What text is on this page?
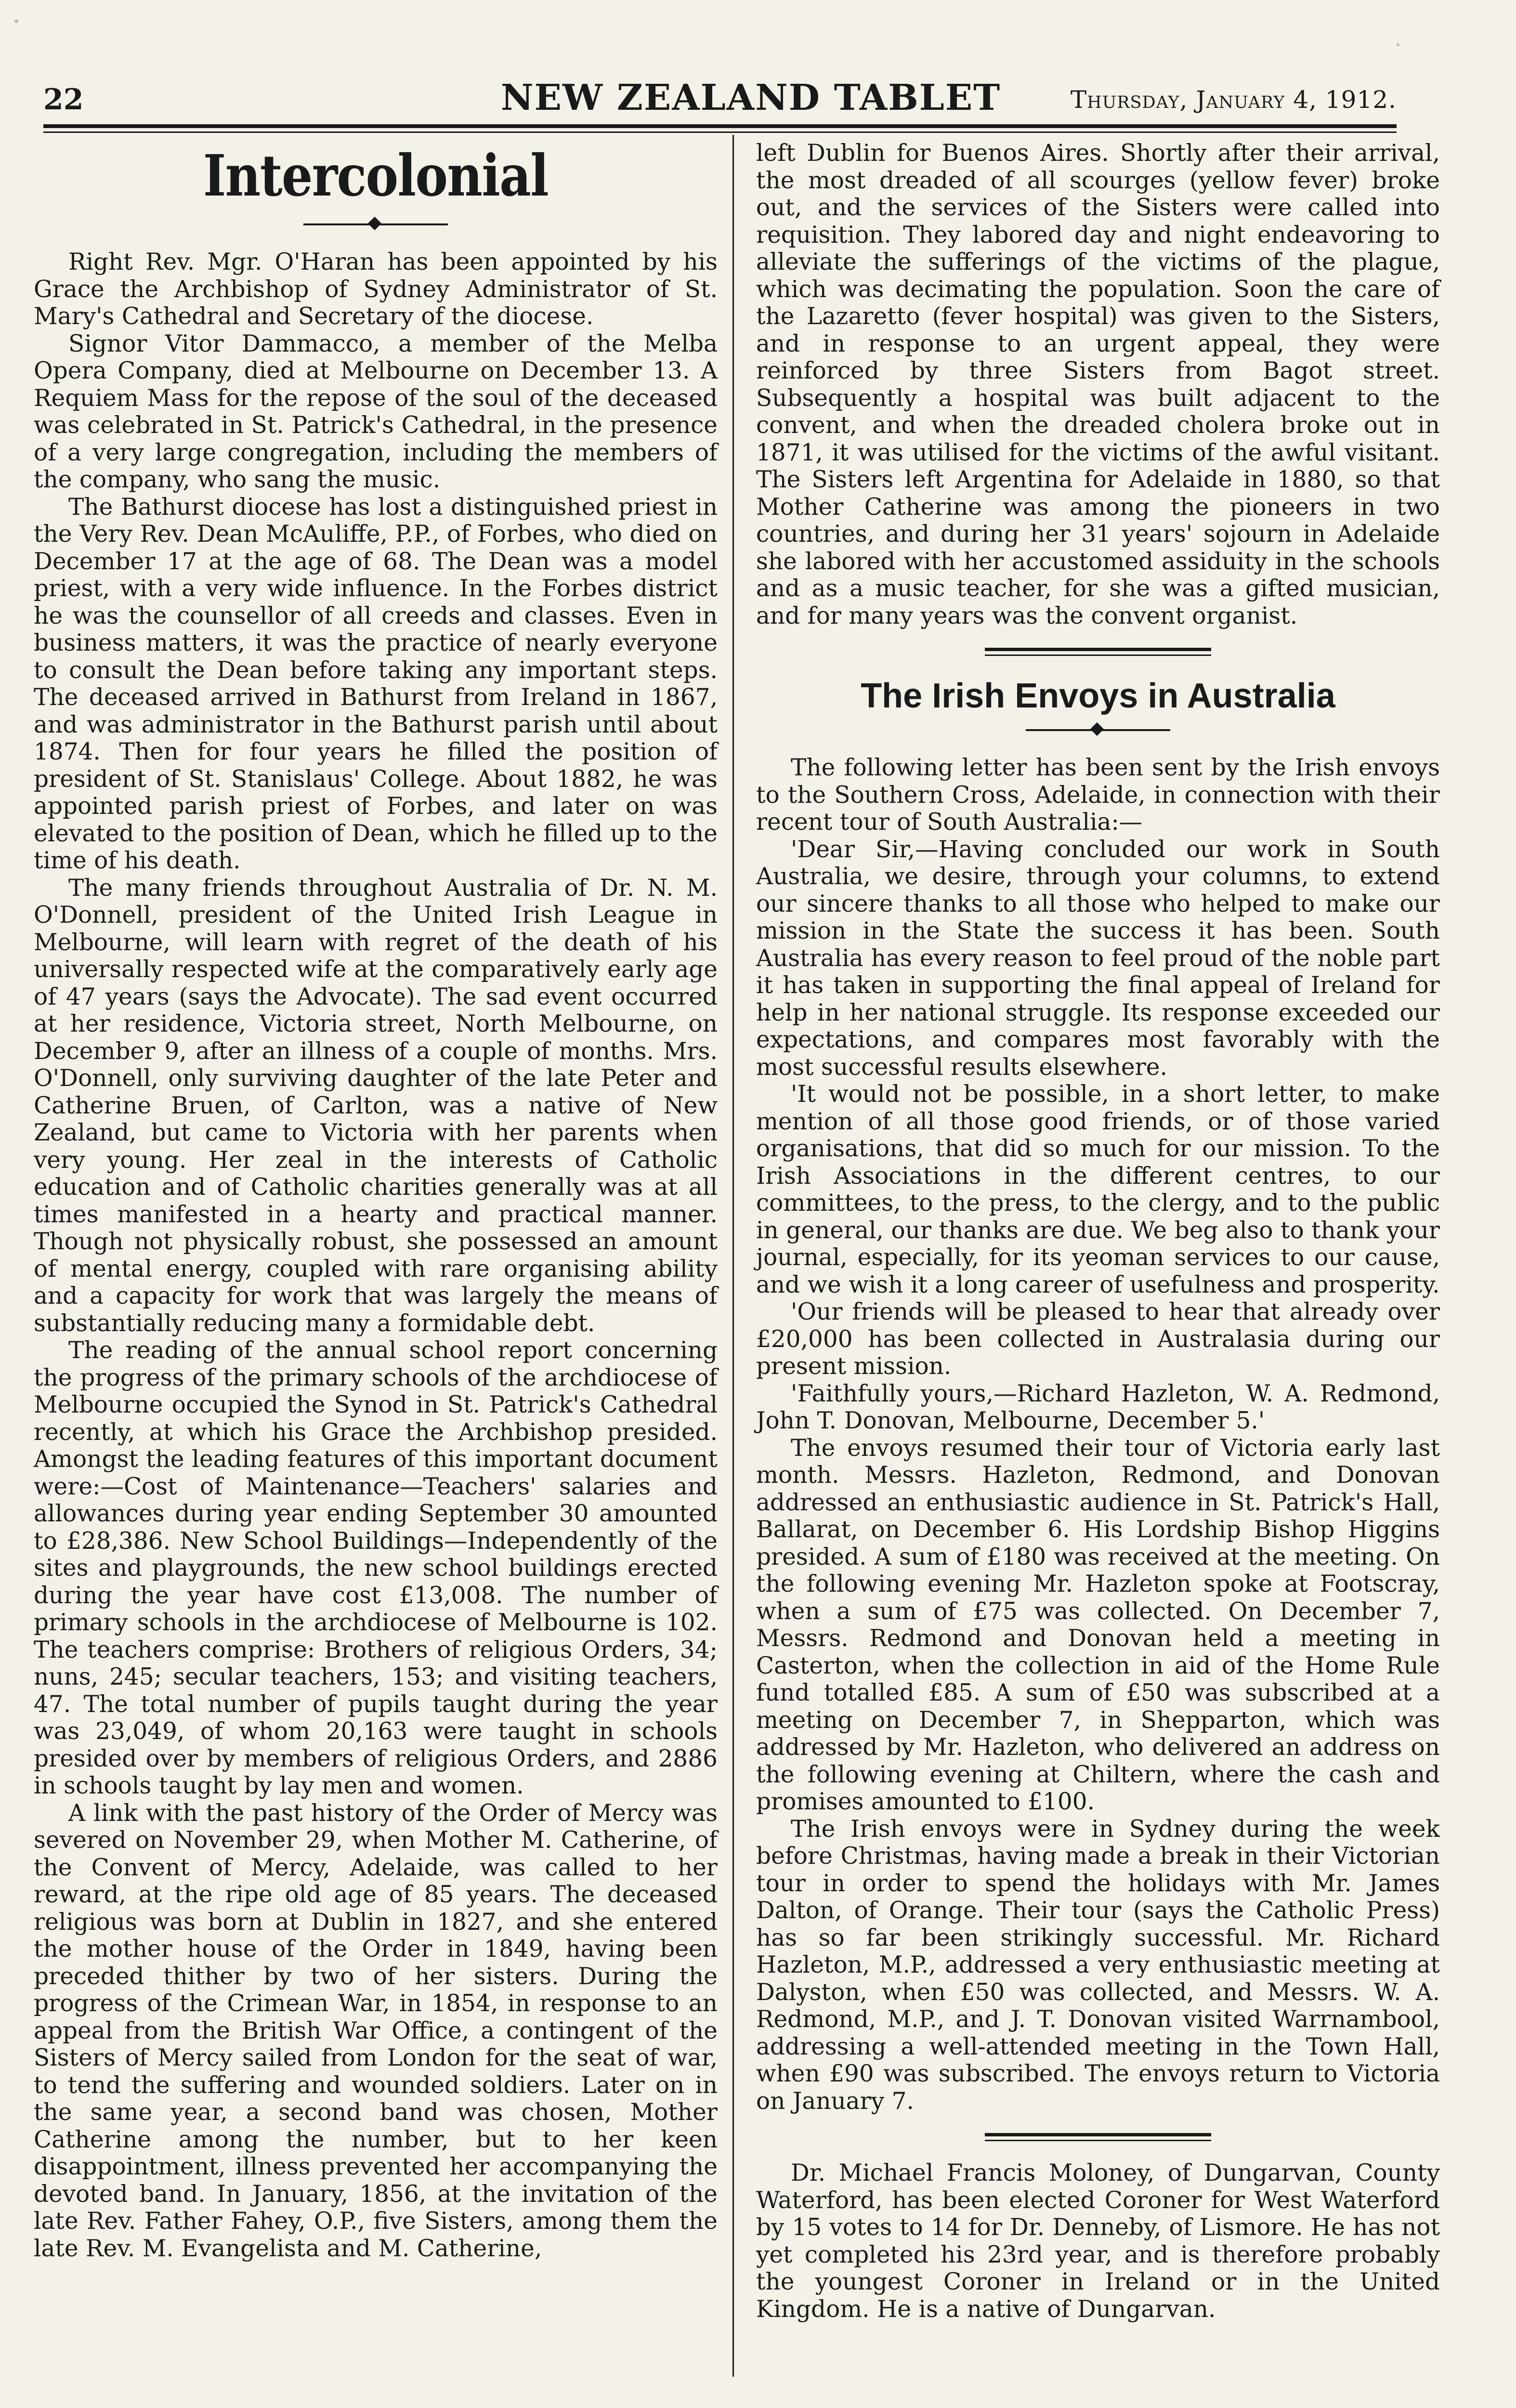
22	NEW ZEALAND TABLET	Thursday, January 4, 1912.
Intercolonial

Right Rev. Mgr. O'Haran has been appointed by his Grace the Archbishop of Sydney Administrator of St. Mary's Cathedral and Secretary of the diocese.

Signor Vitor Dammacco, a member of the Melba Opera Company, died at Melbourne on December 13. A Requiem Mass for the repose of the soul of the deceased was celebrated in St. Patrick's Cathedral, in the presence of a very large congregation, including the members of the company, who sang the music.

The Bathurst diocese has lost a distinguished priest in the Very Rev. Dean McAuliffe, P.P., of Forbes, who died on December 17 at the age of 68. The Dean was a model priest, with a very wide influence. In the Forbes district he was the counsellor of all creeds and classes. Even in business matters, it was the practice of nearly everyone to consult the Dean before taking any important steps. The deceased arrived in Bathurst from Ireland in 1867, and was administrator in the Bathurst parish until about 1874. Then for four years he filled the position of president of St. Stanislaus' College. About 1882, he was appointed parish priest of Forbes, and later on was elevated to the position of Dean, which he filled up to the time of his death.

The many friends throughout Australia of Dr. N. M. O'Donnell, president of the United Irish League in Melbourne, will learn with regret of the death of his universally respected wife at the comparatively early age of 47 years (says the Advocate). The sad event occurred at her residence, Victoria street, North Melbourne, on December 9, after an illness of a couple of months. Mrs. O'Donnell, only surviving daughter of the late Peter and Catherine Bruen, of Carlton, was a native of New Zealand, but came to Victoria with her parents when very young. Her zeal in the interests of Catholic education and of Catholic charities generally was at all times manifested in a hearty and practical manner. Though not physically robust, she possessed an amount of mental energy, coupled with rare organising ability and a capacity for work that was largely the means of substantially reducing many a formidable debt.

The reading of the annual school report concerning the progress of the primary schools of the archdiocese of Melbourne occupied the Synod in St. Patrick's Cathedral recently, at which his Grace the Archbishop presided. Amongst the leading features of this important document were:—Cost of Maintenance—Teachers' salaries and allowances during year ending September 30 amounted to £28,386. New School Buildings—Independently of the sites and playgrounds, the new school buildings erected during the year have cost £13,008. The number of primary schools in the archdiocese of Melbourne is 102. The teachers comprise: Brothers of religious Orders, 34; nuns, 245; secular teachers, 153; and visiting teachers, 47. The total number of pupils taught during the year was 23,049, of whom 20,163 were taught in schools presided over by members of religious Orders, and 2886 in schools taught by lay men and women.

A link with the past history of the Order of Mercy was severed on November 29, when Mother M. Catherine, of the Convent of Mercy, Adelaide, was called to her reward, at the ripe old age of 85 years. The deceased religious was born at Dublin in 1827, and she entered the mother house of the Order in 1849, having been preceded thither by two of her sisters. During the progress of the Crimean War, in 1854, in response to an appeal from the British War Office, a contingent of the Sisters of Mercy sailed from London for the seat of war, to tend the suffering and wounded soldiers. Later on in the same year, a second band was chosen, Mother Catherine among the number, but to her keen disappointment, illness prevented her accompanying the devoted band. In January, 1856, at the invitation of the late Rev. Father Fahey, O.P., five Sisters, among them the late Rev. M. Evangelista and M. Catherine,

left Dublin for Buenos Aires. Shortly after their arrival, the most dreaded of all scourges (yellow fever) broke out, and the services of the Sisters were called into requisition. They labored day and night endeavoring to alleviate the sufferings of the victims of the plague, which was decimating the population. Soon the care of the Lazaretto (fever hospital) was given to the Sisters, and in response to an urgent appeal, they were reinforced by three Sisters from Bagot street. Subsequently a hospital was built adjacent to the convent, and when the dreaded cholera broke out in 1871, it was utilised for the victims of the awful visitant. The Sisters left Argentina for Adelaide in 1880, so that Mother Catherine was among the pioneers in two countries, and during her 31 years' sojourn in Adelaide she labored with her accustomed assiduity in the schools and as a music teacher, for she was a gifted musician, and for many years was the convent organist.

The Irish Envoys in Australia

The following letter has been sent by the Irish envoys to the Southern Cross, Adelaide, in connection with their recent tour of South Australia:—

'Dear Sir,—Having concluded our work in South Australia, we desire, through your columns, to extend our sincere thanks to all those who helped to make our mission in the State the success it has been. South Australia has every reason to feel proud of the noble part it has taken in supporting the final appeal of Ireland for help in her national struggle. Its response exceeded our expectations, and compares most favorably with the most successful results elsewhere.

'It would not be possible, in a short letter, to make mention of all those good friends, or of those varied organisations, that did so much for our mission. To the Irish Associations in the different centres, to our committees, to the press, to the clergy, and to the public in general, our thanks are due. We beg also to thank your journal, especially, for its yeoman services to our cause, and we wish it a long career of usefulness and prosperity.

'Our friends will be pleased to hear that already over £20,000 has been collected in Australasia during our present mission.

'Faithfully yours,—Richard Hazleton, W. A. Redmond, John T. Donovan, Melbourne, December 5.'

The envoys resumed their tour of Victoria early last month. Messrs. Hazleton, Redmond, and Donovan addressed an enthusiastic audience in St. Patrick's Hall, Ballarat, on December 6. His Lordship Bishop Higgins presided. A sum of £180 was received at the meeting. On the following evening Mr. Hazleton spoke at Footscray, when a sum of £75 was collected. On December 7, Messrs. Redmond and Donovan held a meeting in Casterton, when the collection in aid of the Home Rule fund totalled £85. A sum of £50 was subscribed at a meeting on December 7, in Shepparton, which was addressed by Mr. Hazleton, who delivered an address on the following evening at Chiltern, where the cash and promises amounted to £100.

The Irish envoys were in Sydney during the week before Christmas, having made a break in their Victorian tour in order to spend the holidays with Mr. James Dalton, of Orange. Their tour (says the Catholic Press) has so far been strikingly successful. Mr. Richard Hazleton, M.P., addressed a very enthusiastic meeting at Dalyston, when £50 was collected, and Messrs. W. A. Redmond, M.P., and J. T. Donovan visited Warrnambool, addressing a well-attended meeting in the Town Hall, when £90 was subscribed. The envoys return to Victoria on January 7.

Dr. Michael Francis Moloney, of Dungarvan, County Waterford, has been elected Coroner for West Waterford by 15 votes to 14 for Dr. Denneby, of Lismore. He has not yet completed his 23rd year, and is therefore probably the youngest Coroner in Ireland or in the United Kingdom. He is a native of Dungarvan.
